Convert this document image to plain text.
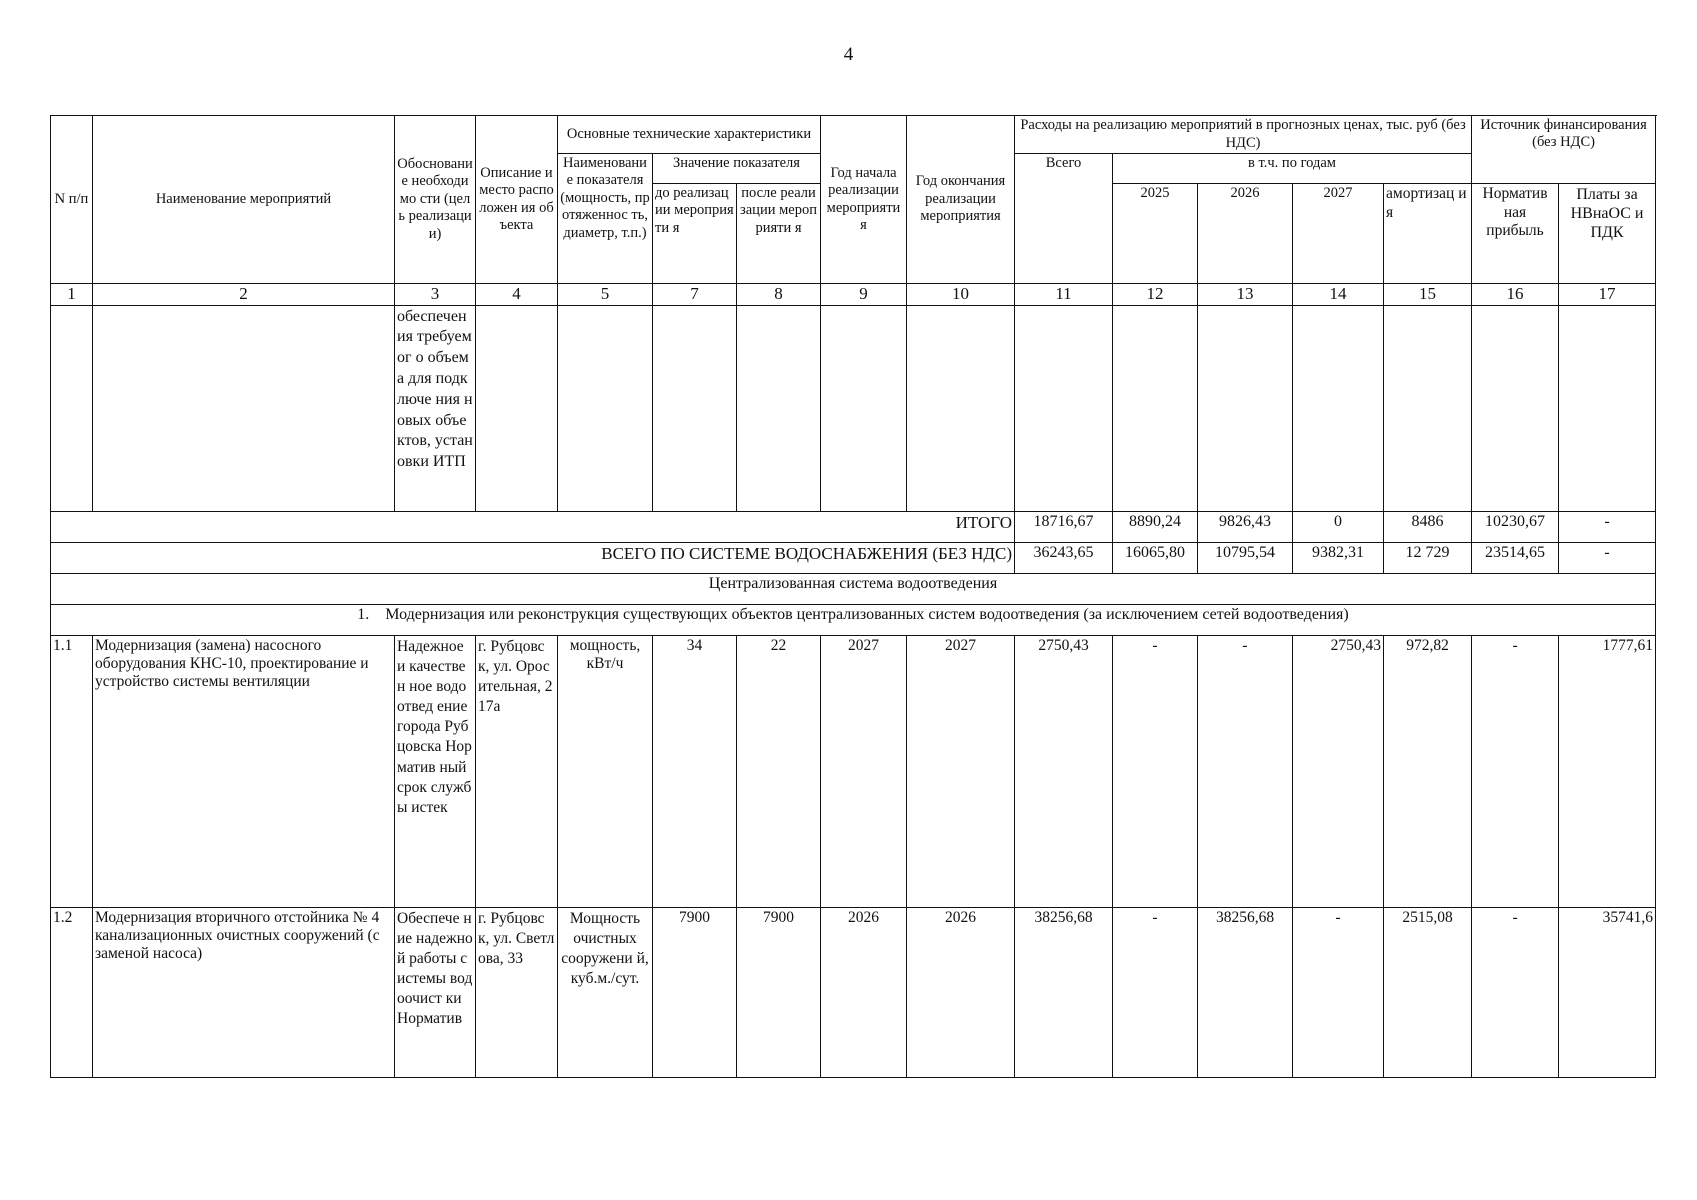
4
N п/п	Наименование мероприятий	Обосновани е необходимо сти (цель реализации)	Описание и место расположен ия объекта	Основные технические характеристики			Год начала реализации мероприяти я	Год окончания реализации мероприятия	Расходы на реализацию мероприятий в прогнозных ценах, тыс. руб (без НДС)					Источник финансирования (без НДС)	
				Наименовани е показателя (мощность, протяженнос ть, диаметр, т.п.)	Значение показателя				Всего	в т.ч. по годам					
					до реализации мероприяти я	после реализации мероприяти я				2025	2026	2027	амортизац ия	Норматив ная прибыль	Платы за НВнаОС и ПДК
1	2	3	4	5	7	8	9	10	11	12	13	14	15	16	17
		обеспечен ия требуемог о объема для подключе ния новых объектов, установки ИТП													
ИТОГО									18716,67	8890,24	9826,43	0	8486	10230,67	-
ВСЕГО ПО СИСТЕМЕ ВОДОСНАБЖЕНИЯ (БЕЗ НДС)									36243,65	16065,80	10795,54	9382,31	12 729	23514,65	-
Централизованная система водоотведения															
1.    Модернизация или реконструкция существующих объектов централизованных систем водоотведения (за исключением сетей водоотведения)															
1.1	Модернизация (замена) насосного оборудования КНС-10, проектирование и устройство системы вентиляции	Надежное и качествен ное водоотвед ение города Рубцовска Норматив ный срок службы истек	г. Рубцовск, ул. Оросительная, 217а	мощность, кВт/ч	34	22	2027	2027	2750,43	-	-	2750,43	972,82	-	1777,61
1.2	Модернизация вторичного отстойника № 4 канализационных очистных сооружений (с заменой насоса)	Обеспече ние надежной работы системы водоочист ки Норматив	г. Рубцовск, ул. Светлова, 33	Мощность очистных сооружени й, куб.м./сут.	7900	7900	2026	2026	38256,68	-	38256,68	-	2515,08	-	35741,6
